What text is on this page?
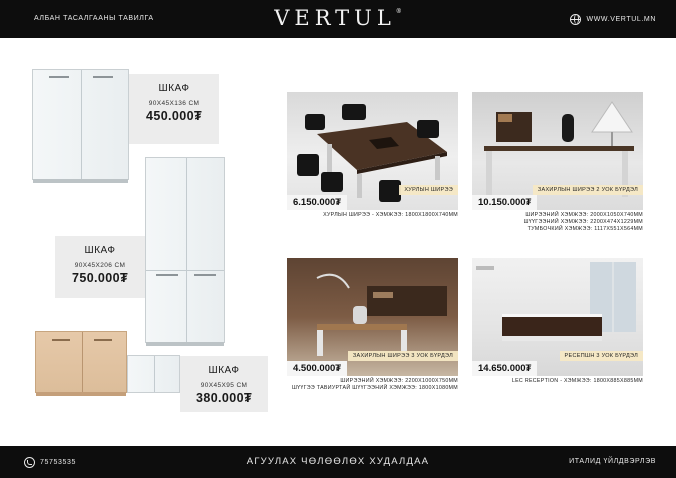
АЛБАН ТАСАЛГААНЫ ТАВИЛГА	VERTUL®
WWW.VERTUL.MN
ШКАФ
90X45X136 СМ
450.000₮
ШКАФ
90X45X206 СМ
750.000₮
ШКАФ
90X45X95 СМ
380.000₮
6.150.000₮
ХУРЛЫН ШИРЭЭ
ХУРЛЫН ШИРЭЭ - ХЭМЖЭЭ: 1800X1800X740ММ
10.150.000₮
ЗАХИРЛЫН ШИРЭЭ 2 УОК БҮРДЭЛ
ШИРЭЭНИЙ ХЭМЖЭЭ: 2000X1050X740ММ
ШҮҮГЭЭНИЙ ХЭМЖЭЭ: 2200X474X1229ММ
ТУМБОЧКИЙ ХЭМЖЭЭ: 1117X551X564ММ
4.500.000₮
ЗАХИРЛЫН ШИРЭЭ 3 УОК БҮРДЭЛ
ШИРЭЭНИЙ ХЭМЖЭЭ: 2200X1000X750ММ
ШҮҮГЭЭ ТАВИУРТАЙ ШҮҮГЭЭНИЙ ХЭМЖЭЭ: 1800X1080ММ
14.650.000₮
РЕСЕПШН 3 УОК БҮРДЭЛ
LEC RECEPTION - ХЭМЖЭЭ: 1800X885X885ММ
75753535	АГУУЛАХ ЧӨЛӨӨЛӨХ ХУДАЛДАА	ИТАЛИД ҮЙЛДВЭРЛЭВ
